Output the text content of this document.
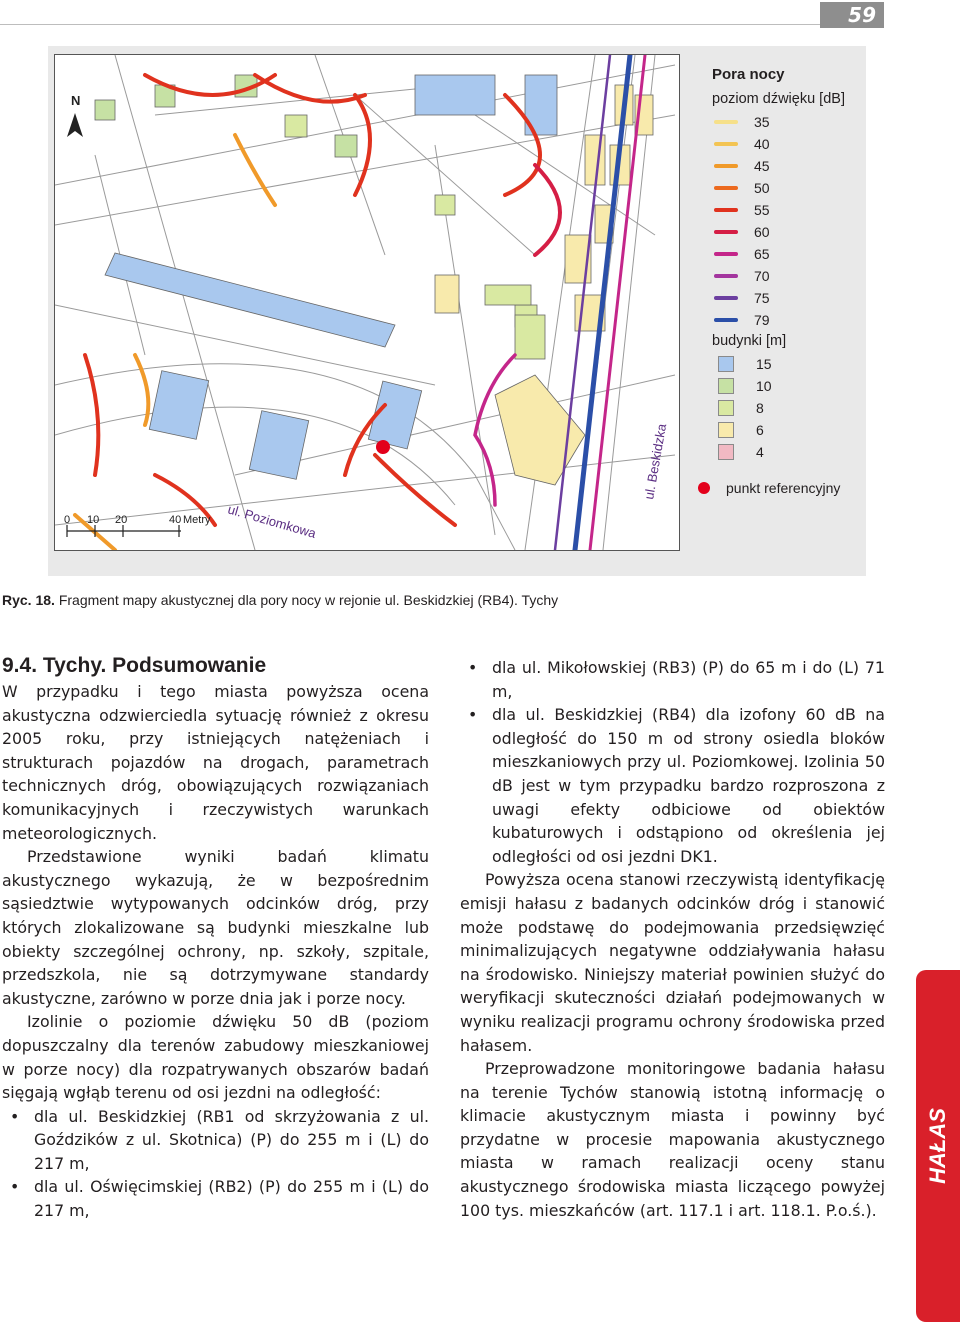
59
N
0 10 20	40 Metry ul. Poziomkowa
ul. Beskidzka
Pora nocy
poziom dźwięku [dB]
35
40
45
50
55
60
65
70
75
79
budynki [m]
15
10
8
6
4
punkt referencyjny
Ryc. 18. Fragment mapy akustycznej dla pory nocy w rejonie ul. Beskidzkiej (RB4). Tychy
9.4. Tychy. Podsumowanie

W przypadku i tego miasta powyższa ocena akustyczna odzwierciedla sytuację również z okresu 2005 roku, przy istniejących natężeniach i strukturach pojazdów na drogach, parametrach technicznych dróg, obowiązujących rozwiązaniach komunikacyjnych i rzeczywistych warunkach meteorologicznych.

Przedstawione wyniki badań klimatu akustycznego wykazują, że w bezpośrednim sąsiedztwie wytypowanych odcinków dróg, przy których zlokalizowane są budynki mieszkalne lub obiekty szczególnej ochrony, np. szkoły, szpitale, przedszkola, nie są dotrzymywane standardy akustyczne, zarówno w porze dnia jak i porze nocy.

Izolinie o poziomie dźwięku 50 dB (poziom dopuszczalny dla terenów zabudowy mieszkaniowej w porze nocy) dla rozpatrywanych obszarów badań sięgają wgłąb terenu od osi jezdni na odległość:

• dla ul. Beskidzkiej (RB1 od skrzyżowania z ul. Goździków z ul. Skotnica) (P) do 255 m i (L) do 217 m,
• dla ul. Oświęcimskiej (RB2) (P) do 255 m i (L) do 217 m,
• dla ul. Mikołowskiej (RB3) (P) do 65 m i do (L) 71 m,
• dla ul. Beskidzkiej (RB4) dla izofony 60 dB na odległość do 150 m od strony osiedla bloków mieszkaniowych przy ul. Poziomkowej. Izolinia 50 dB jest w tym przypadku bardzo rozproszona z uwagi efekty odbiciowe od obiektów kubaturowych i odstąpiono od określenia jej odległości od osi jezdni DK1.

Powyższa ocena stanowi rzeczywistą identyfikację emisji hałasu z badanych odcinków dróg i stanowić może podstawę do podejmowania przedsięwzięć minimalizujących negatywne oddziaływania hałasu na środowisko. Niniejszy materiał powinien służyć do weryfikacji skuteczności działań podejmowanych w wyniku realizacji programu ochrony środowiska przed hałasem.

Przeprowadzone monitoringowe badania hałasu na terenie Tychów stanowią istotną informację o klimacie akustycznym miasta i powinny być przydatne w procesie mapowania akustycznego miasta w ramach realizacji oceny stanu akustycznego środowiska miasta liczącego powyżej 100 tys. mieszkańców (art. 117.1 i art. 118.1. P.o.ś.).

HAŁAS
